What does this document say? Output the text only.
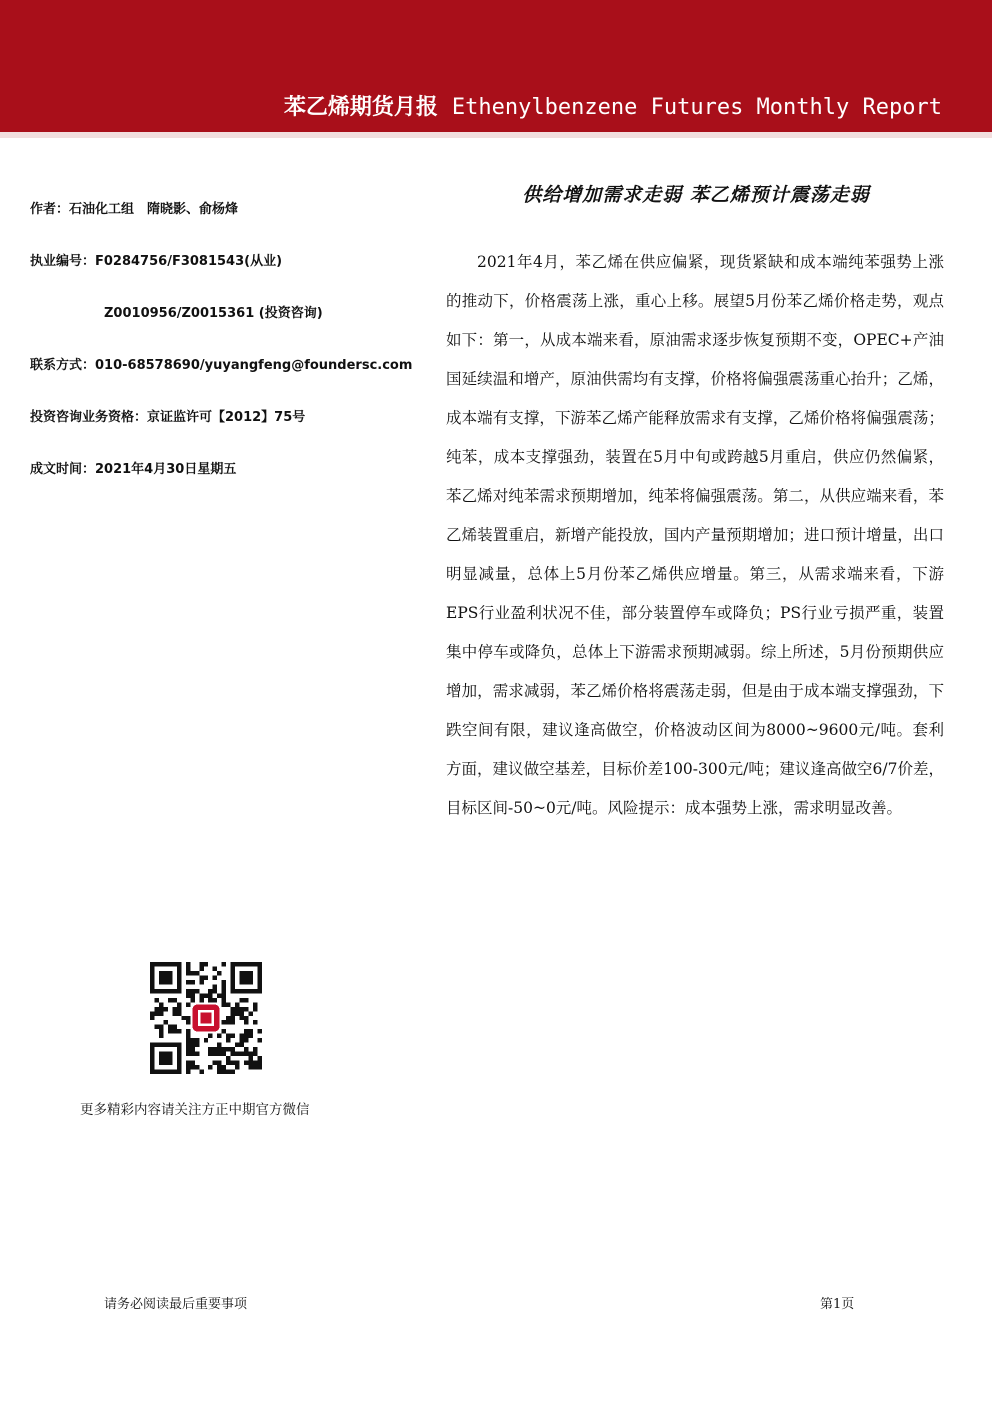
苯乙烯期货月报 Ethenylbenzene Futures Monthly Report
作者：石油化工组　隋晓影、俞杨烽
执业编号：F0284756/F3081543(从业)
Z0010956/Z0015361 (投资咨询)
联系方式：010-68578690/yuyangfeng@foundersc.com
投资咨询业务资格：京证监许可【2012】75号
成文时间：2021年4月30日星期五
供给增加需求走弱 苯乙烯预计震荡走弱
2021年4月，苯乙烯在供应偏紧，现货紧缺和成本端纯苯强势上涨的推动下，价格震荡上涨，重心上移。展望5月份苯乙烯价格走势，观点如下：第一，从成本端来看，原油需求逐步恢复预期不变，OPEC+产油国延续温和增产，原油供需均有支撑，价格将偏强震荡重心抬升；乙烯，成本端有支撑，下游苯乙烯产能释放需求有支撑，乙烯价格将偏强震荡；纯苯，成本支撑强劲，装置在5月中旬或跨越5月重启，供应仍然偏紧，苯乙烯对纯苯需求预期增加，纯苯将偏强震荡。第二，从供应端来看，苯乙烯装置重启，新增产能投放，国内产量预期增加；进口预计增量，出口明显减量，总体上5月份苯乙烯供应增量。第三，从需求端来看，下游EPS行业盈利状况不佳，部分装置停车或降负；PS行业亏损严重，装置集中停车或降负，总体上下游需求预期减弱。综上所述，5月份预期供应增加，需求减弱，苯乙烯价格将震荡走弱，但是由于成本端支撑强劲，下跌空间有限，建议逢高做空，价格波动区间为8000~9600元/吨。套利方面，建议做空基差，目标价差100-300元/吨；建议逢高做空6/7价差，目标区间-50~0元/吨。风险提示：成本强势上涨，需求明显改善。
更多精彩内容请关注方正中期官方微信
请务必阅读最后重要事项	第1页
